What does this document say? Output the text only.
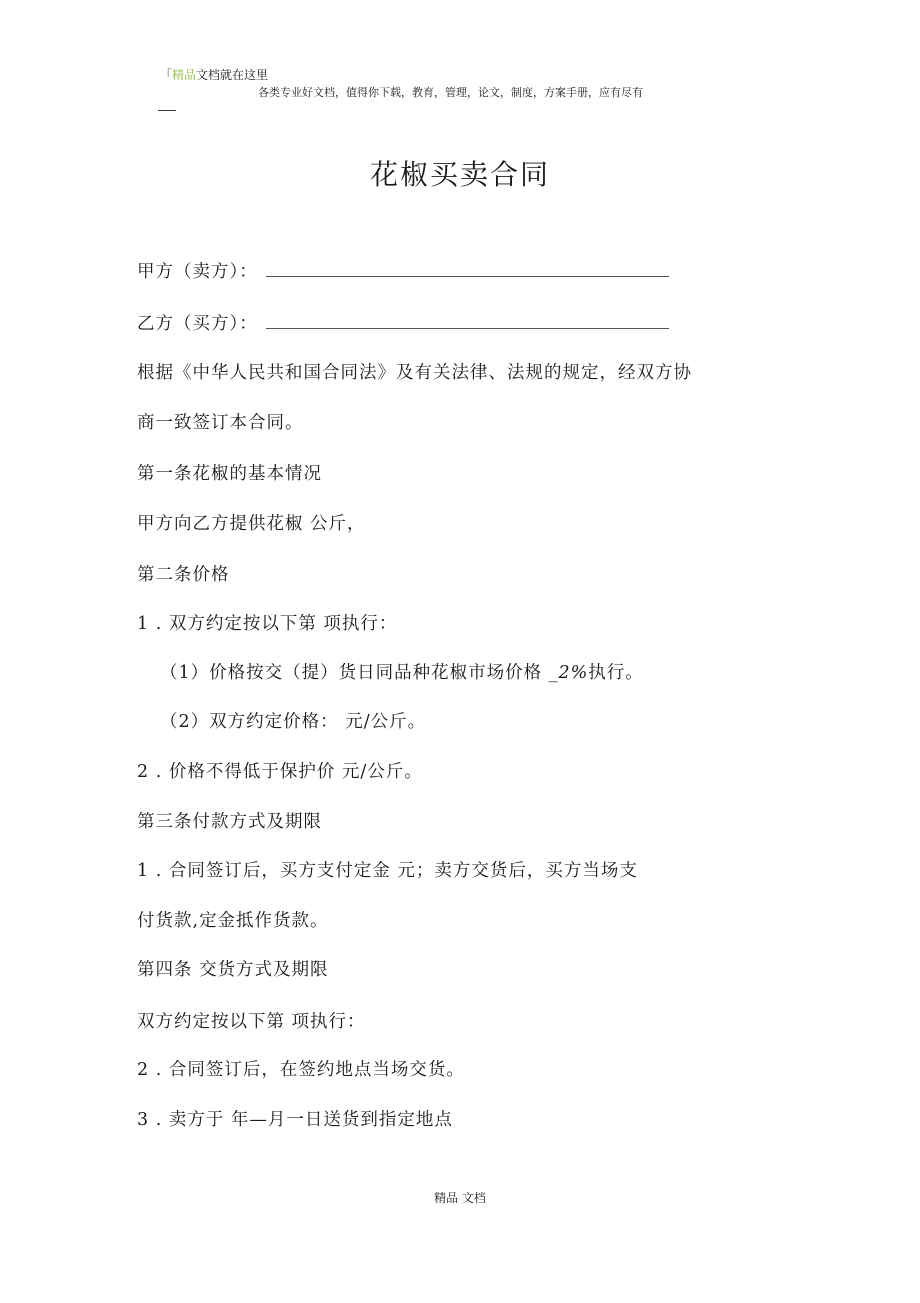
「精品文档就在这里
各类专业好文档，值得你下载，教育，管理，论文，制度，方案手册，应有尽有
花椒买卖合同
甲方（卖方）：
乙方（买方）：
根据《中华人民共和国合同法》及有关法律、法规的规定，经双方协
商一致签订本合同。
第一条花椒的基本情况
甲方向乙方提供花椒 公斤，
第二条价格
1 . 双方约定按以下第 项执行：
（1）价格按交（提）货日同品种花椒市场价格 _2%执行。
（2）双方约定价格： 元/公斤。
2 . 价格不得低于保护价 元/公斤。
第三条付款方式及期限
1 . 合同签订后，买方支付定金 元；卖方交货后，买方当场支
付货款,定金抵作货款。
第四条 交货方式及期限
双方约定按以下第 项执行：
2 . 合同签订后，在签约地点当场交货。
3 . 卖方于 年—月一日送货到指定地点
精品 文档
